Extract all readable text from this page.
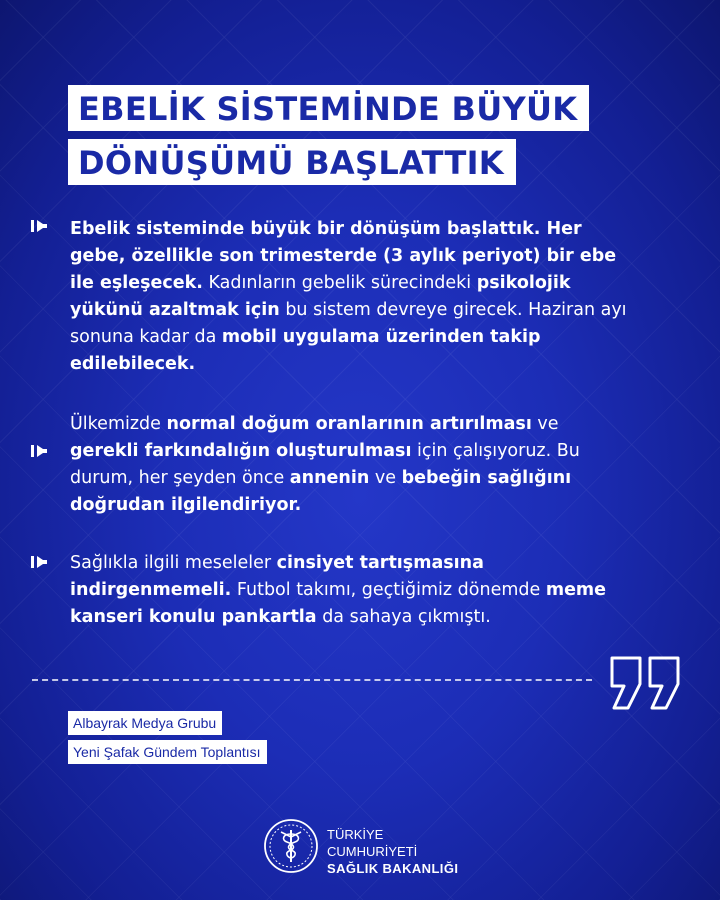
EBELİK SİSTEMİNDE BÜYÜK
DÖNÜŞÜMÜ BAŞLATTIK
Ebelik sisteminde büyük bir dönüşüm başlattık. Her gebe, özellikle son trimesterde (3 aylık periyot) bir ebe ile eşleşecek. Kadınların gebelik sürecindeki psikolojik yükünü azaltmak için bu sistem devreye girecek. Haziran ayı sonuna kadar da mobil uygulama üzerinden takip edilebilecek.
Ülkemizde normal doğum oranlarının artırılması ve gerekli farkındalığın oluşturulması için çalışıyoruz. Bu durum, her şeyden önce annenin ve bebeğin sağlığını doğrudan ilgilendiriyor.
Sağlıkla ilgili meseleler cinsiyet tartışmasına indirgenmemeli. Futbol takımı, geçtiğimiz dönemde meme kanseri konulu pankartla da sahaya çıkmıştı.
Albayrak Medya Grubu
Yeni Şafak Gündem Toplantısı
TÜRKİYE CUMHURİYETİ
SAĞLIK BAKANLIĞI
